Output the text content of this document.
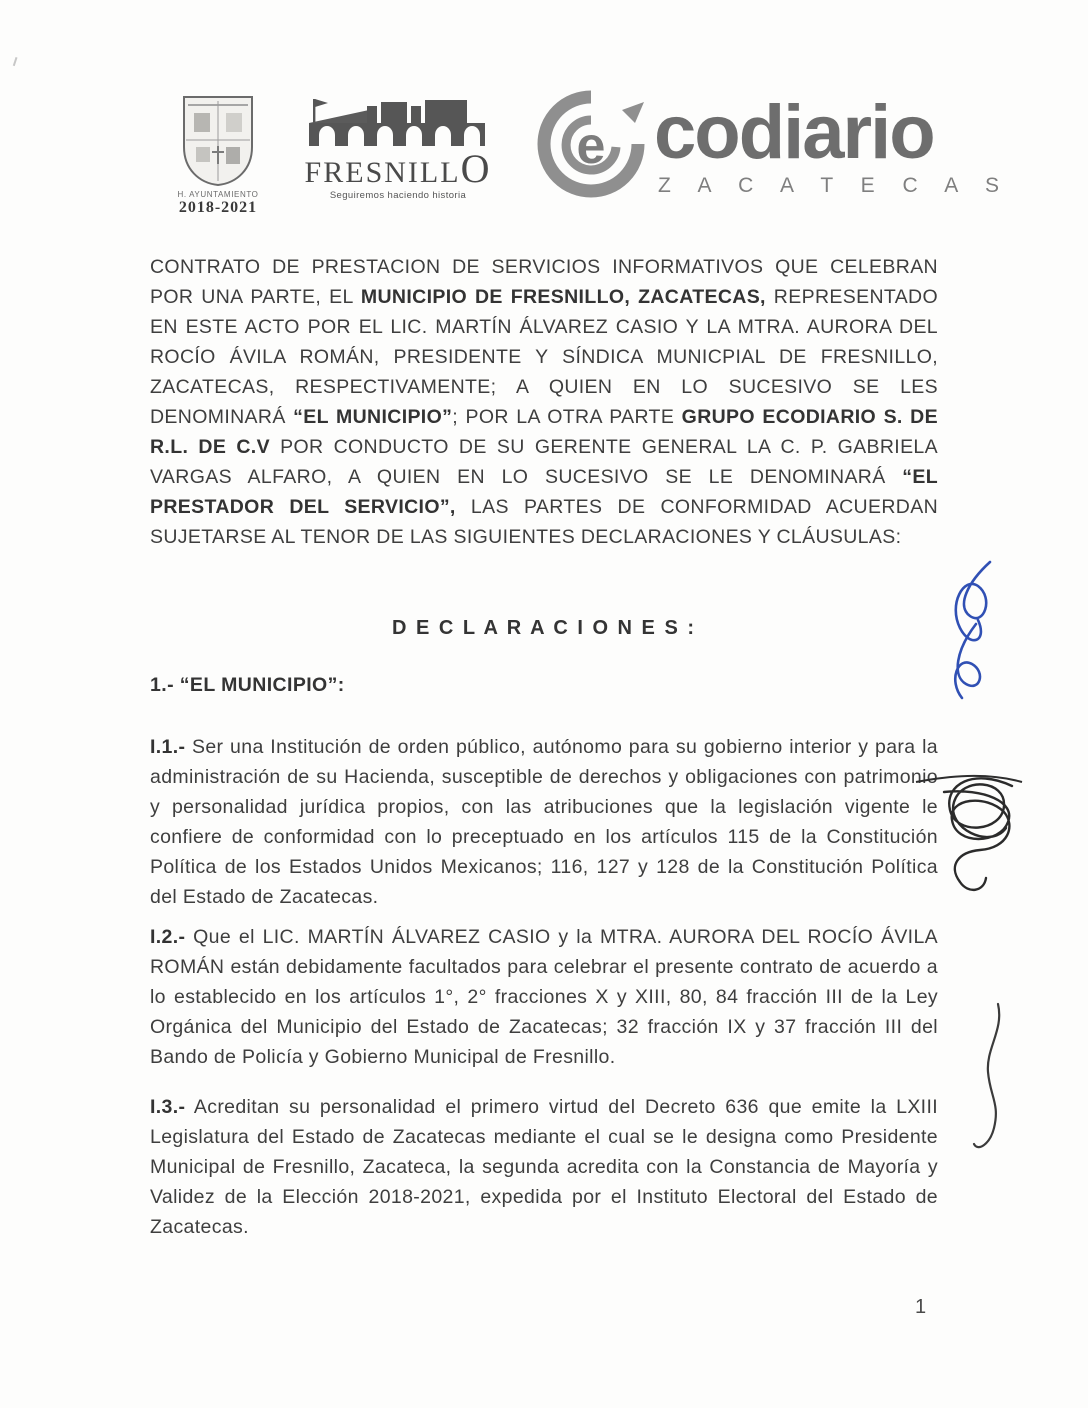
H. AYUNTAMIENTO
2018-2021
FRESNILLO
Seguiremos haciendo historia
e codiario
Z A C A T E C A S
CONTRATO DE PRESTACION DE SERVICIOS INFORMATIVOS QUE CELEBRAN POR UNA PARTE, EL MUNICIPIO DE FRESNILLO, ZACATECAS, REPRESENTADO EN ESTE ACTO POR EL LIC. MARTÍN ÁLVAREZ CASIO Y LA MTRA. AURORA DEL ROCÍO ÁVILA ROMÁN, PRESIDENTE Y SÍNDICA MUNICPIAL DE FRESNILLO, ZACATECAS, RESPECTIVAMENTE; A QUIEN EN LO SUCESIVO SE LES DENOMINARÁ “EL MUNICIPIO”; POR LA OTRA PARTE GRUPO ECODIARIO S. DE R.L. DE C.V POR CONDUCTO DE SU GERENTE GENERAL LA C. P. GABRIELA VARGAS ALFARO, A QUIEN EN LO SUCESIVO SE LE DENOMINARÁ “EL PRESTADOR DEL SERVICIO”, LAS PARTES DE CONFORMIDAD ACUERDAN SUJETARSE AL TENOR DE LAS SIGUIENTES DECLARACIONES Y CLÁUSULAS:
D E C L A R A C I O N E S :
1.- “EL MUNICIPIO”:
I.1.- Ser una Institución de orden público, autónomo para su gobierno interior y para la administración de su Hacienda, susceptible de derechos y obligaciones con patrimonio y personalidad jurídica propios, con las atribuciones que la legislación vigente le confiere de conformidad con lo preceptuado en los artículos 115 de la Constitución Política de los Estados Unidos Mexicanos; 116, 127 y 128 de la Constitución Política del Estado de Zacatecas.
I.2.- Que el LIC. MARTÍN ÁLVAREZ CASIO y la MTRA. AURORA DEL ROCÍO ÁVILA ROMÁN están debidamente facultados para celebrar el presente contrato de acuerdo a lo establecido en los artículos 1°, 2° fracciones X y XIII, 80, 84 fracción III de la Ley Orgánica del Municipio del Estado de Zacatecas; 32 fracción IX y 37 fracción III del Bando de Policía y Gobierno Municipal de Fresnillo.
I.3.- Acreditan su personalidad el primero virtud del Decreto 636 que emite la LXIII Legislatura del Estado de Zacatecas mediante el cual se le designa como Presidente Municipal de Fresnillo, Zacateca, la segunda acredita con la Constancia de Mayoría y Validez de la Elección 2018-2021, expedida por el Instituto Electoral del Estado de Zacatecas.
1
